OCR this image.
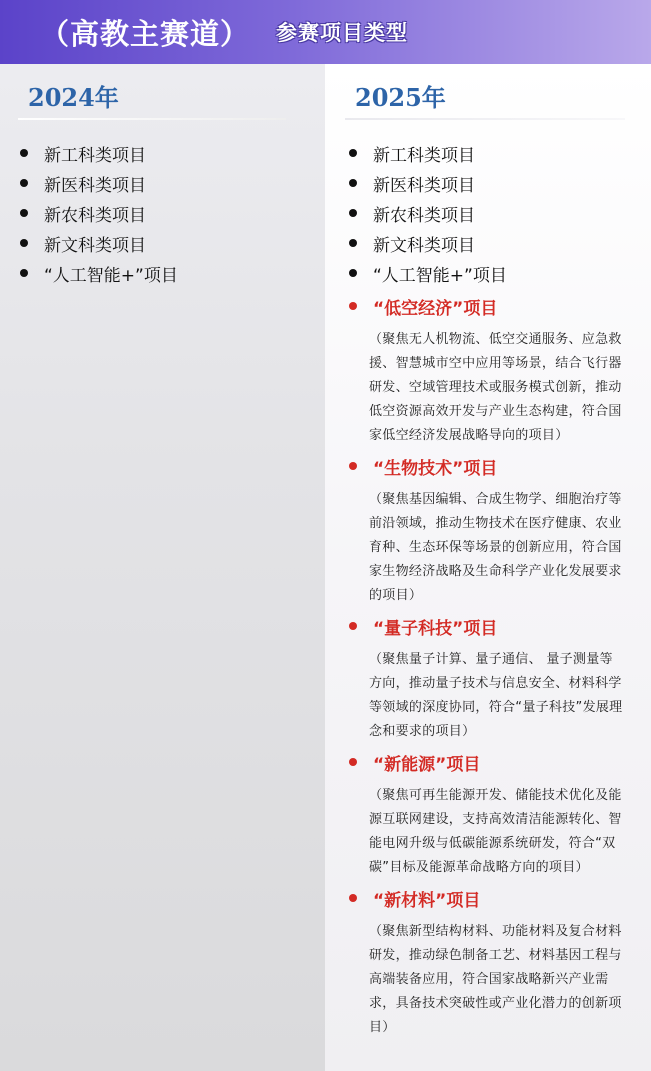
（高教主赛道） 参赛项目类型
2024年
新工科类项目
新医科类项目
新农科类项目
新文科类项目
“人工智能+”项目
2025年
新工科类项目
新医科类项目
新农科类项目
新文科类项目
“人工智能+”项目
“低空经济”项目
（聚焦无人机物流、低空交通服务、应急救援、智慧城市空中应用等场景，结合飞行器研发、空域管理技术或服务模式创新，推动低空资源高效开发与产业生态构建，符合国家低空经济发展战略导向的项目）
“生物技术”项目
（聚焦基因编辑、合成生物学、细胞治疗等前沿领域，推动生物技术在医疗健康、农业育种、生态环保等场景的创新应用，符合国家生物经济战略及生命科学产业化发展要求的项目）
“量子科技”项目
（聚焦量子计算、量子通信、 量子测量等方向，推动量子技术与信息安全、材料科学等领域的深度协同，符合“量子科技”发展理念和要求的项目）
“新能源”项目
（聚焦可再生能源开发、储能技术优化及能源互联网建设，支持高效清洁能源转化、智能电网升级与低碳能源系统研发，符合“双碳”目标及能源革命战略方向的项目）
“新材料”项目
（聚焦新型结构材料、功能材料及复合材料研发，推动绿色制备工艺、材料基因工程与高端装备应用，符合国家战略新兴产业需求，具备技术突破性或产业化潜力的创新项目）
